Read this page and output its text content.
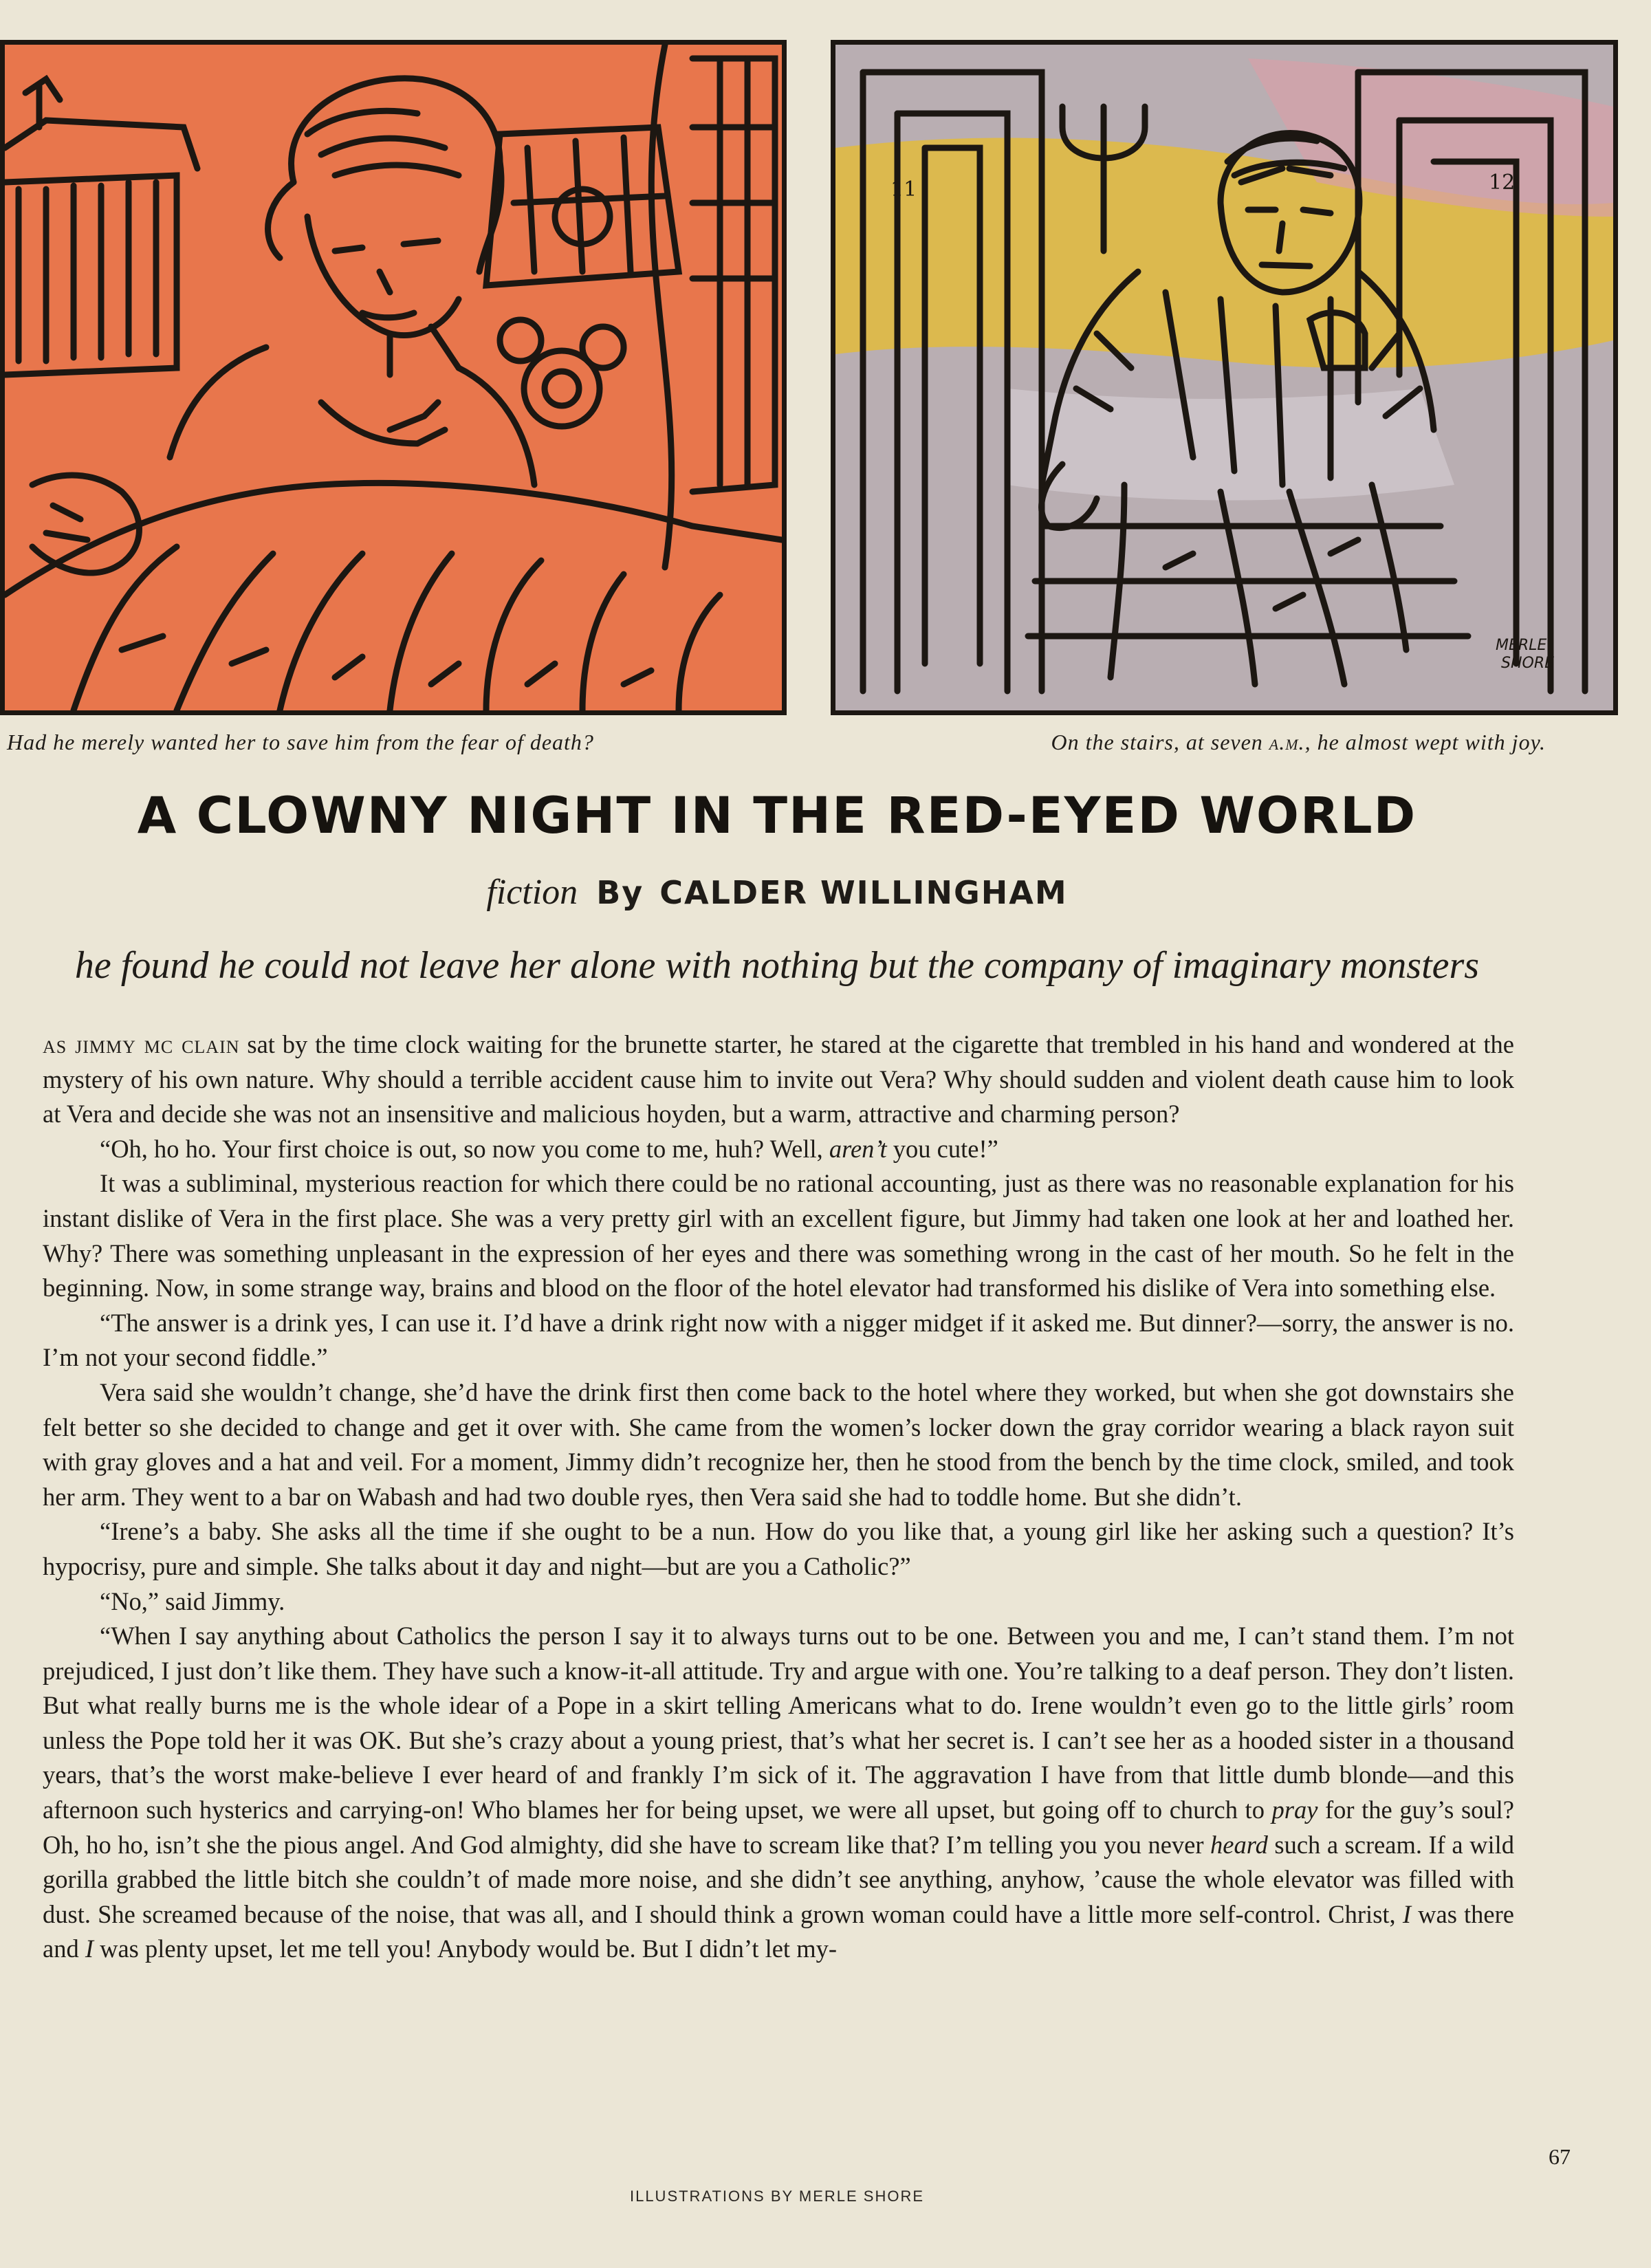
11	12
MERLE
SHORE
Had he merely wanted her to save him from the fear of death?	On the stairs, at seven a.m., he almost wept with joy.
A CLOWNY NIGHT IN THE RED-EYED WORLD
fiction By CALDER WILLINGHAM
he found he could not leave her alone with nothing but the company of imaginary monsters

as jimmy mc clain sat by the time clock waiting for the brunette starter, he stared at the cigarette that trembled in his hand and wondered at the mystery of his own nature. Why should a terrible accident cause him to invite out Vera? Why should sudden and violent death cause him to look at Vera and decide she was not an insensitive and malicious hoyden, but a warm, attractive and charming person?

“Oh, ho ho. Your first choice is out, so now you come to me, huh? Well, aren’t you cute!”

It was a subliminal, mysterious reaction for which there could be no rational accounting, just as there was no reasonable explanation for his instant dislike of Vera in the first place. She was a very pretty girl with an excellent figure, but Jimmy had taken one look at her and loathed her. Why? There was something unpleasant in the expression of her eyes and there was something wrong in the cast of her mouth. So he felt in the beginning. Now, in some strange way, brains and blood on the floor of the hotel elevator had transformed his dislike of Vera into something else.

“The answer is a drink yes, I can use it. I’d have a drink right now with a nigger midget if it asked me. But dinner?—sorry, the answer is no. I’m not your second fiddle.”

Vera said she wouldn’t change, she’d have the drink first then come back to the hotel where they worked, but when she got downstairs she felt better so she decided to change and get it over with. She came from the women’s locker down the gray corridor wearing a black rayon suit with gray gloves and a hat and veil. For a moment, Jimmy didn’t recognize her, then he stood from the bench by the time clock, smiled, and took her arm. They went to a bar on Wabash and had two double ryes, then Vera said she had to toddle home. But she didn’t.

“Irene’s a baby. She asks all the time if she ought to be a nun. How do you like that, a young girl like her asking such a question? It’s hypocrisy, pure and simple. She talks about it day and night—but are you a Catholic?”

“No,” said Jimmy.

“When I say anything about Catholics the person I say it to always turns out to be one. Between you and me, I can’t stand them. I’m not prejudiced, I just don’t like them. They have such a know-it-all attitude. Try and argue with one. You’re talking to a deaf person. They don’t listen. But what really burns me is the whole idear of a Pope in a skirt telling Americans what to do. Irene wouldn’t even go to the little girls’ room unless the Pope told her it was OK. But she’s crazy about a young priest, that’s what her secret is. I can’t see her as a hooded sister in a thousand years, that’s the worst make-believe I ever heard of and frankly I’m sick of it. The aggravation I have from that little dumb blonde—and this afternoon such hysterics and carrying-on! Who blames her for being upset, we were all upset, but going off to church to pray for the guy’s soul? Oh, ho ho, isn’t she the pious angel. And God almighty, did she have to scream like that? I’m telling you you never heard such a scream. If a wild gorilla grabbed the little bitch she couldn’t of made more noise, and she didn’t see anything, anyhow, ’cause the whole elevator was filled with dust. She screamed because of the noise, that was all, and I should think a grown woman could have a little more self-control. Christ, I was there and I was plenty upset, let me tell you! Anybody would be. But I didn’t let my-

67
ILLUSTRATIONS BY MERLE SHORE
